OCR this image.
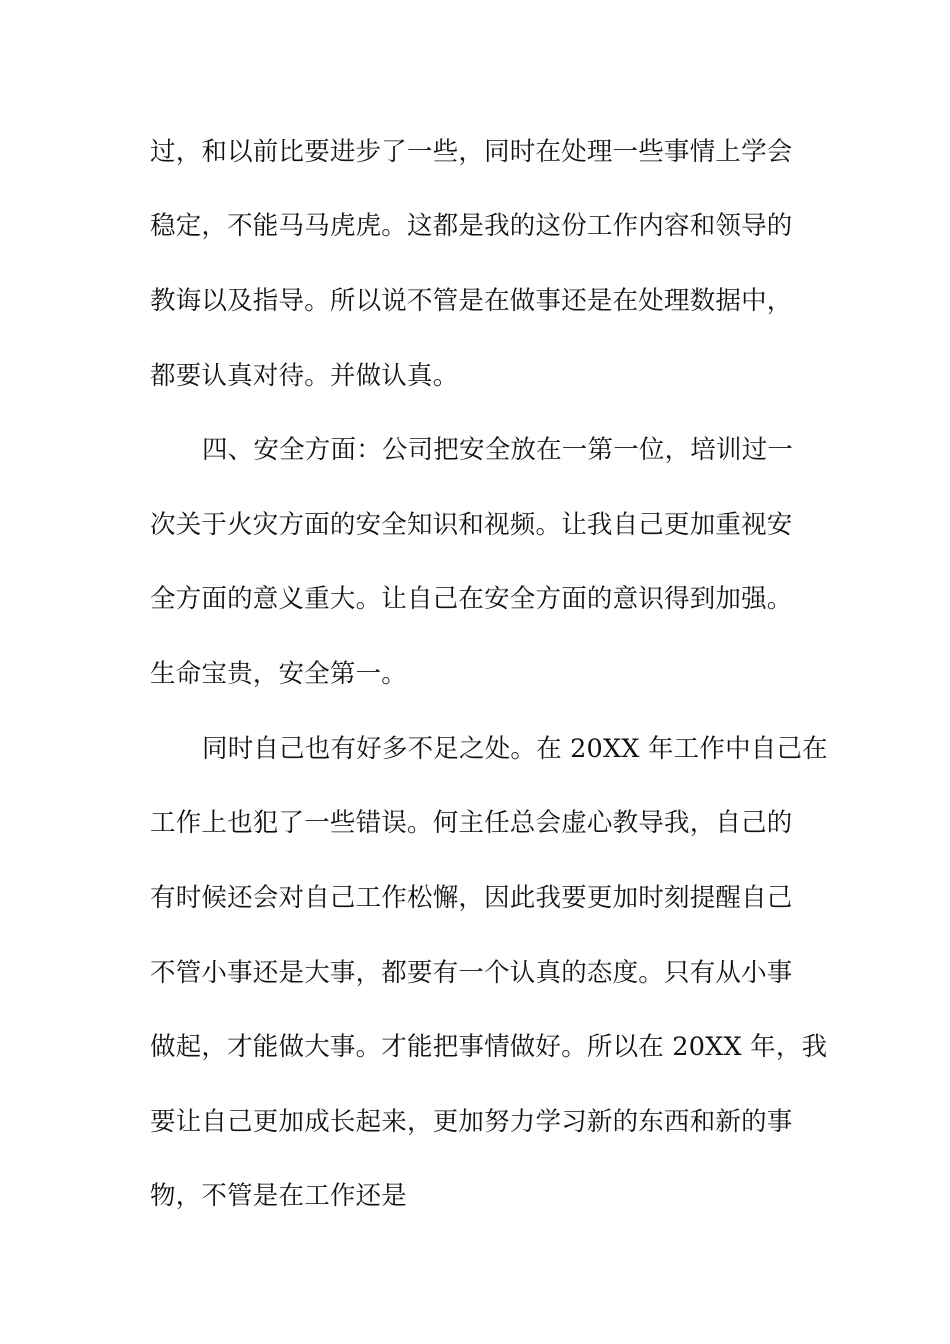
过，和以前比要进步了一些，同时在处理一些事情上学会
稳定，不能马马虎虎。这都是我的这份工作内容和领导的
教诲以及指导。所以说不管是在做事还是在处理数据中，
都要认真对待。并做认真。
四、安全方面：公司把安全放在一第一位，培训过一
次关于火灾方面的安全知识和视频。让我自己更加重视安
全方面的意义重大。让自己在安全方面的意识得到加强。
生命宝贵，安全第一。
同时自己也有好多不足之处。在 20XX 年工作中自己在
工作上也犯了一些错误。何主任总会虚心教导我，自己的
有时候还会对自己工作松懈，因此我要更加时刻提醒自己
不管小事还是大事，都要有一个认真的态度。只有从小事
做起，才能做大事。才能把事情做好。所以在 20XX 年，我
要让自己更加成长起来，更加努力学习新的东西和新的事
物，不管是在工作还是
